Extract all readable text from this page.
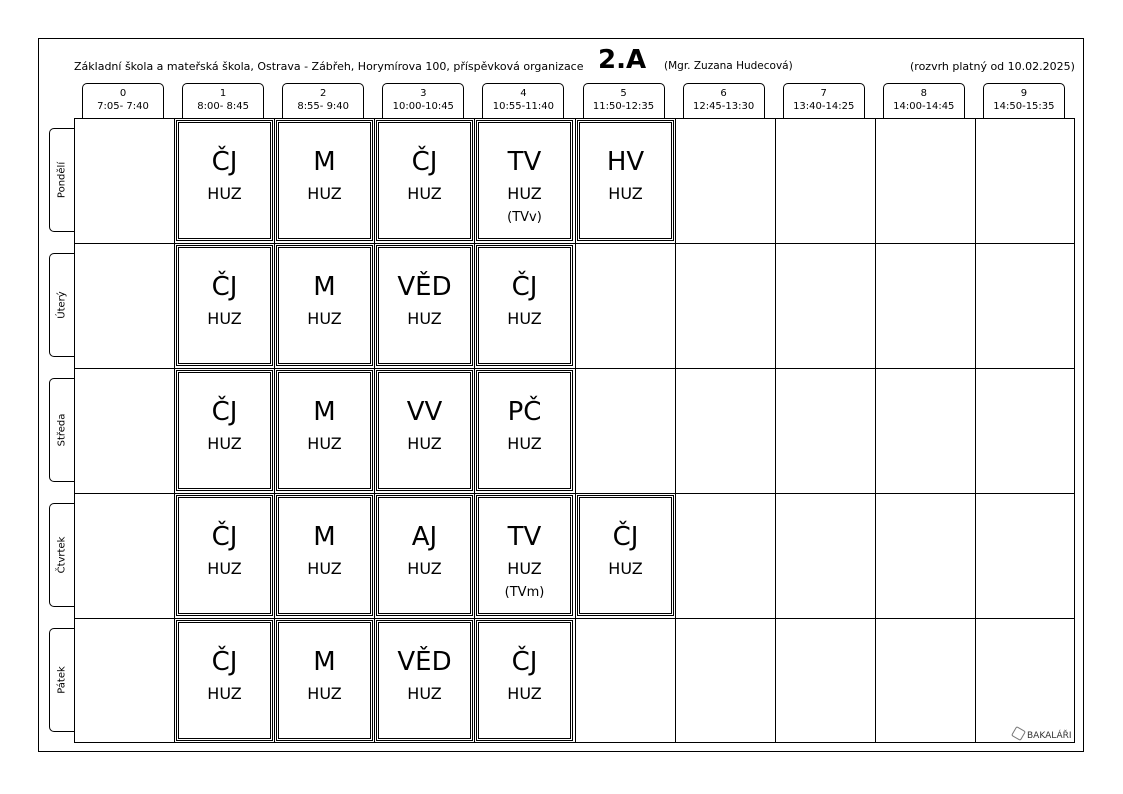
Základní škola a mateřská škola, Ostrava - Zábřeh, Horymírova 100, příspěvková organizace 2.A (Mgr. Zuzana Hudecová)	(rozvrh platný od 10.02.2025)
0
7:05- 7:40
1
8:00- 8:45
2
8:55- 9:40
3
10:00-10:45
4
10:55-11:40
5
11:50-12:35
6
12:45-13:30
7
13:40-14:25
8
14:00-14:45
9
14:50-15:35
Pondělí
Úterý
Středa
Čtvrtek
Pátek
ČJ
HUZ
M
HUZ
ČJ
HUZ
TV
HUZ
(TVv)
HV
HUZ
ČJ
HUZ
M
HUZ
VĚD
HUZ
ČJ
HUZ
ČJ
HUZ
M
HUZ
VV
HUZ
PČ
HUZ
ČJ
HUZ
M
HUZ
AJ
HUZ
TV
HUZ
(TVm)
ČJ
HUZ
ČJ
HUZ
M
HUZ
VĚD
HUZ
ČJ
HUZ
BAKALÁŘI
